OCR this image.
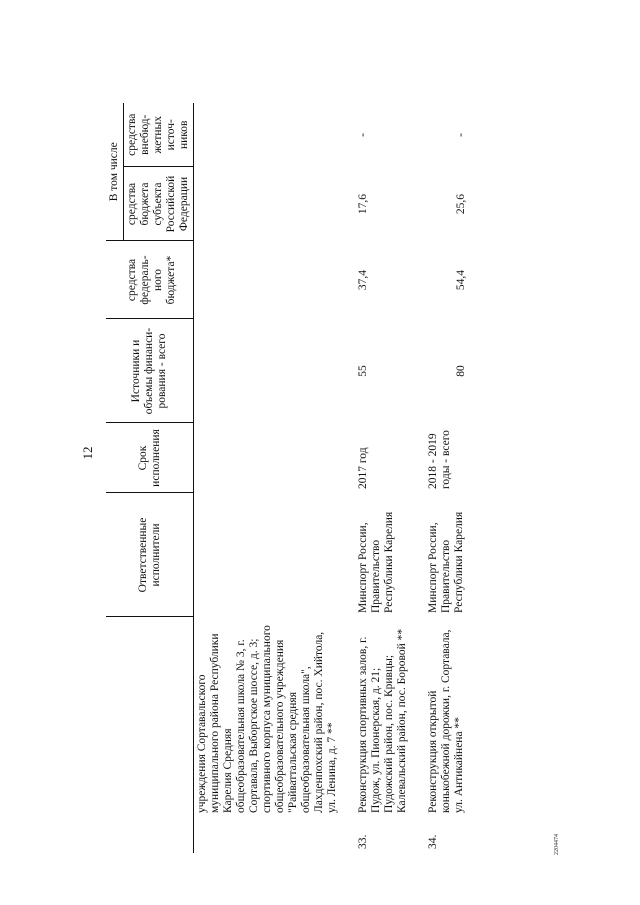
12
		Ответственные исполнители	Срок исполнения	Источники и объемы финанси-рования - всего		В том числе	
					средства федераль-ного бюджета*	средства бюджета субъекта Российской Федерации	средства внебюд-жетных источ-ников
	учреждения Сортавальского муниципального района Республики Карелия Средняя общеобразовательная школа № 3, г. Сортавала, Выборгское шоссе, д. 3; спортивного корпуса муниципального общеобразовательного учреждения "Райваттальская средняя общеобразовательная школа", Лахденпохский район, пос. Хийтола, ул. Ленина, д. 7 **						
33.	Реконструкция спортивных залов, г. Пудож, ул. Пионерская, д. 21; Пудожский район, пос. Кривцы; Калевальский район, пос. Боровой **	Минспорт России, Правительство Республики Карелия	2017 год	55	37,4	17,6	-
34.	Реконструкция открытой конькобежной дорожки, г. Сортавала, ул. Антикайнена **	Минспорт России, Правительство Республики Карелия	2018 - 2019 годы - всего	80	54,4	25,6	-
2204474
